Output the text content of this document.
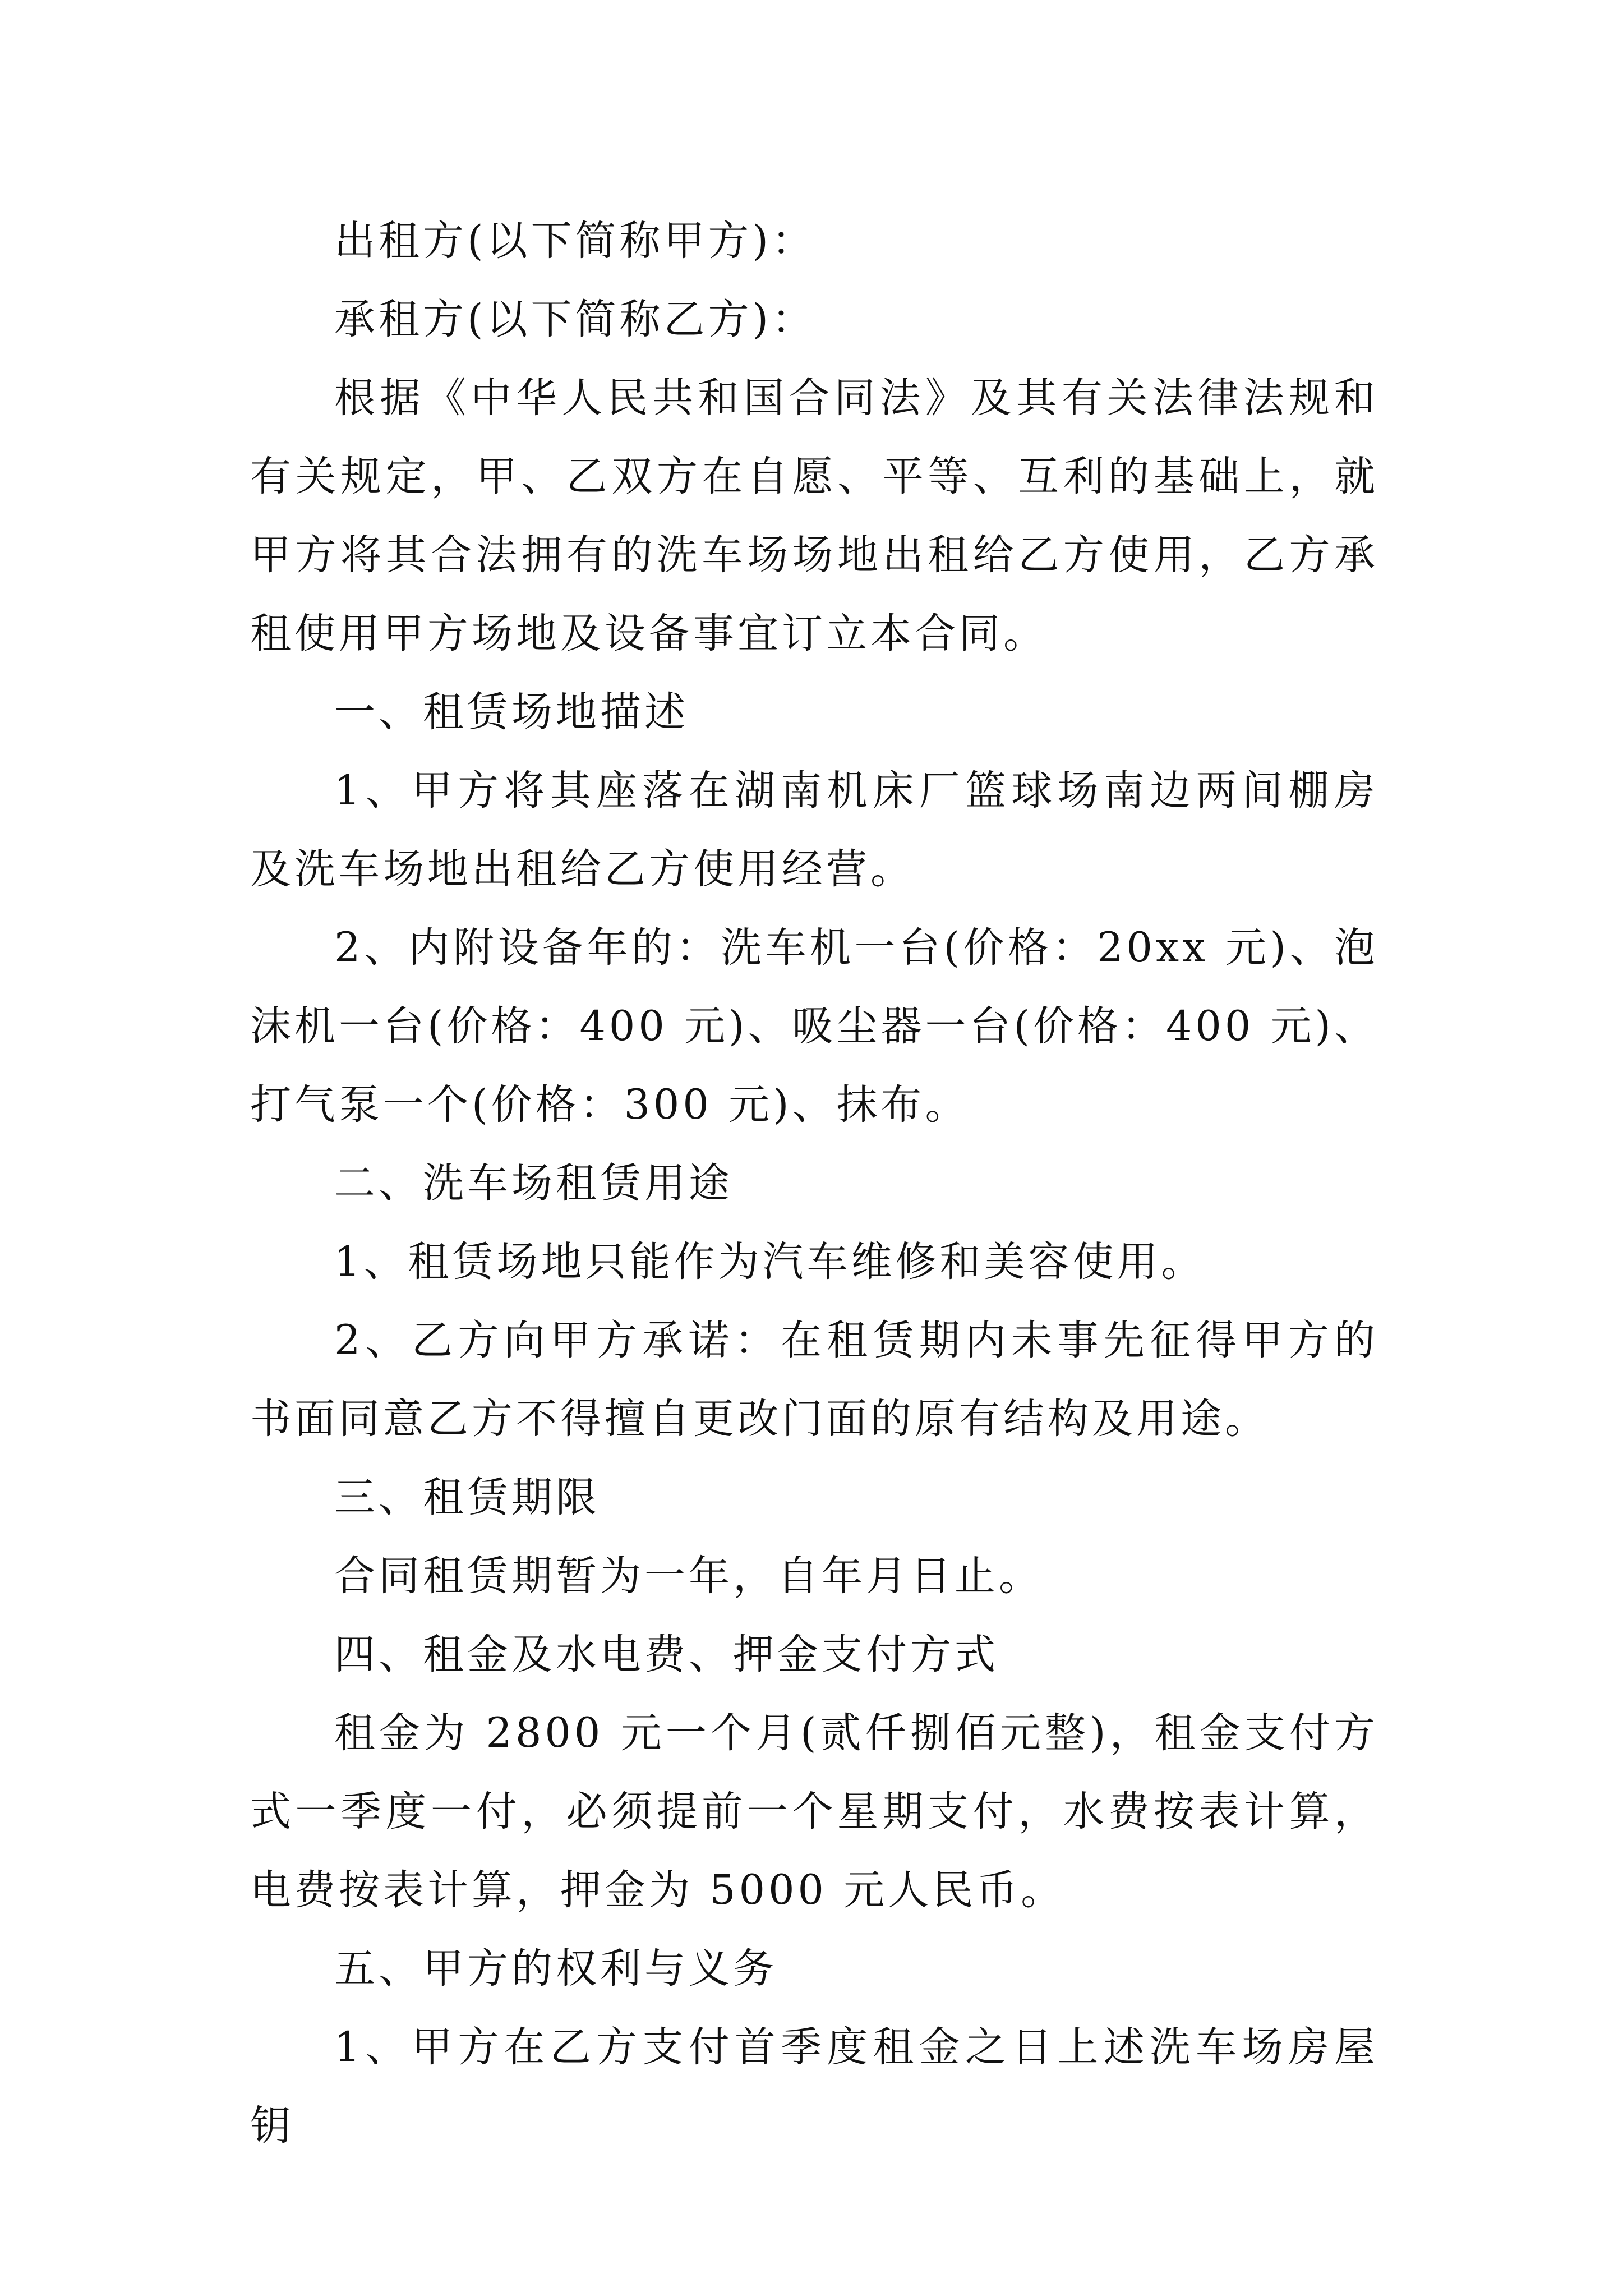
出租方(以下简称甲方)：

承租方(以下简称乙方)：

根据《中华人民共和国合同法》及其有关法律法规和有关规定，甲、乙双方在自愿、平等、互利的基础上，就甲方将其合法拥有的洗车场场地出租给乙方使用，乙方承租使用甲方场地及设备事宜订立本合同。

一、租赁场地描述

1、甲方将其座落在湖南机床厂篮球场南边两间棚房及洗车场地出租给乙方使用经营。

2、内附设备年的：洗车机一台(价格：20xx 元)、泡沫机一台(价格：400 元)、吸尘器一台(价格：400 元)、打气泵一个(价格：300 元)、抹布。

二、洗车场租赁用途

1、租赁场地只能作为汽车维修和美容使用。

2、乙方向甲方承诺：在租赁期内未事先征得甲方的书面同意乙方不得擅自更改门面的原有结构及用途。

三、租赁期限

合同租赁期暂为一年，自年月日止。

四、租金及水电费、押金支付方式

租金为 2800 元一个月(贰仟捌佰元整)，租金支付方式一季度一付，必须提前一个星期支付，水费按表计算，电费按表计算，押金为 5000 元人民币。

五、甲方的权利与义务

1、甲方在乙方支付首季度租金之日上述洗车场房屋钥
